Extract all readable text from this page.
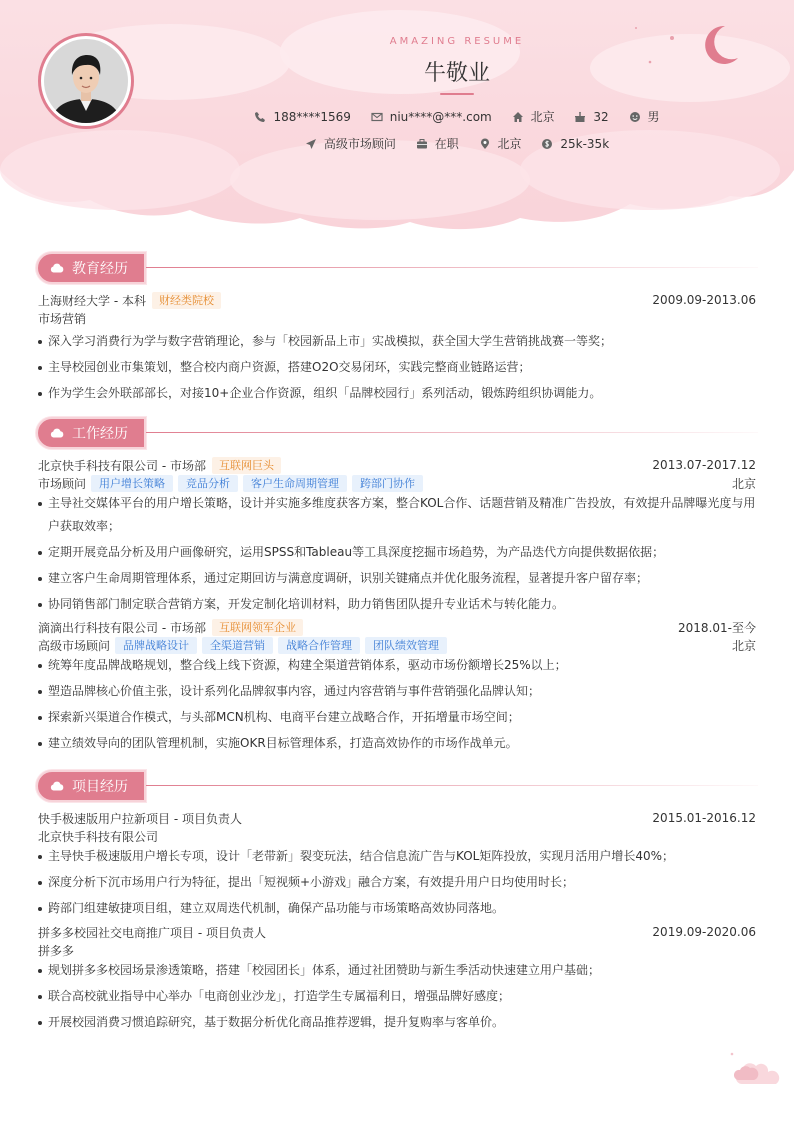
AMAZING RESUME
牛敬业
188****1569
	niu****@***.com
	北京
	32
	男
高级市场顾问
	在职
	北京
	25k-35k
教育经历
上海财经大学 - 本科	财经类院校	2009.09-2013.06
市场营销
深入学习消费行为学与数字营销理论，参与「校园新品上市」实战模拟，获全国大学生营销挑战赛一等奖；
主导校园创业市集策划，整合校内商户资源，搭建O2O交易闭环，实践完整商业链路运营；
作为学生会外联部部长，对接10+企业合作资源，组织「品牌校园行」系列活动，锻炼跨组织协调能力。
工作经历
北京快手科技有限公司 - 市场部	互联网巨头	2013.07-2017.12
市场顾问	用户增长策略	竞品分析	客户生命周期管理	跨部门协作	北京
主导社交媒体平台的用户增长策略，设计并实施多维度获客方案，整合KOL合作、话题营销及精准广告投放，有效提升品牌曝光度与用户获取效率；
定期开展竞品分析及用户画像研究，运用SPSS和Tableau等工具深度挖掘市场趋势，为产品迭代方向提供数据依据；
建立客户生命周期管理体系，通过定期回访与满意度调研，识别关键痛点并优化服务流程，显著提升客户留存率；
协同销售部门制定联合营销方案，开发定制化培训材料，助力销售团队提升专业话术与转化能力。
滴滴出行科技有限公司 - 市场部	互联网领军企业	2018.01-至今
高级市场顾问	品牌战略设计	全渠道营销	战略合作管理	团队绩效管理	北京
统筹年度品牌战略规划，整合线上线下资源，构建全渠道营销体系，驱动市场份额增长25%以上；
塑造品牌核心价值主张，设计系列化品牌叙事内容，通过内容营销与事件营销强化品牌认知；
探索新兴渠道合作模式，与头部MCN机构、电商平台建立战略合作，开拓增量市场空间；
建立绩效导向的团队管理机制，实施OKR目标管理体系，打造高效协作的市场作战单元。
项目经历
快手极速版用户拉新项目 - 项目负责人	2015.01-2016.12
北京快手科技有限公司
主导快手极速版用户增长专项，设计「老带新」裂变玩法，结合信息流广告与KOL矩阵投放，实现月活用户增长40%；
深度分析下沉市场用户行为特征，提出「短视频+小游戏」融合方案，有效提升用户日均使用时长；
跨部门组建敏捷项目组，建立双周迭代机制，确保产品功能与市场策略高效协同落地。
拼多多校园社交电商推广项目 - 项目负责人	2019.09-2020.06
拼多多
规划拼多多校园场景渗透策略，搭建「校园团长」体系，通过社团赞助与新生季活动快速建立用户基础；
联合高校就业指导中心举办「电商创业沙龙」，打造学生专属福利日，增强品牌好感度；
开展校园消费习惯追踪研究，基于数据分析优化商品推荐逻辑，提升复购率与客单价。
